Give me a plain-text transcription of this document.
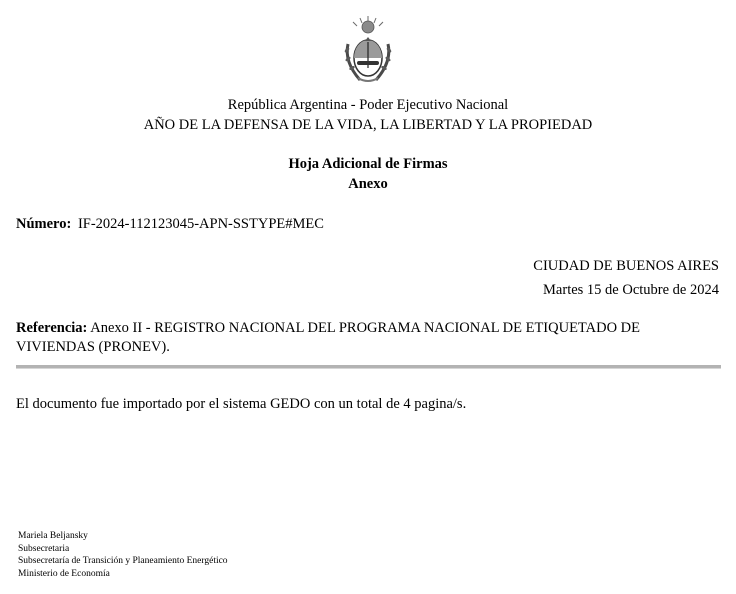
República Argentina - Poder Ejecutivo Nacional
AÑO DE LA DEFENSA DE LA VIDA, LA LIBERTAD Y LA PROPIEDAD
Hoja Adicional de Firmas
Anexo
Número: IF-2024-112123045-APN-SSTYPE#MEC
CIUDAD DE BUENOS AIRES
Martes 15 de Octubre de 2024
Referencia: Anexo II - REGISTRO NACIONAL DEL PROGRAMA NACIONAL DE ETIQUETADO DE VIVIENDAS (PRONEV).
El documento fue importado por el sistema GEDO con un total de 4 pagina/s.
Mariela Beljansky
Subsecretaria
Subsecretaría de Transición y Planeamiento Energético
Ministerio de Economía
